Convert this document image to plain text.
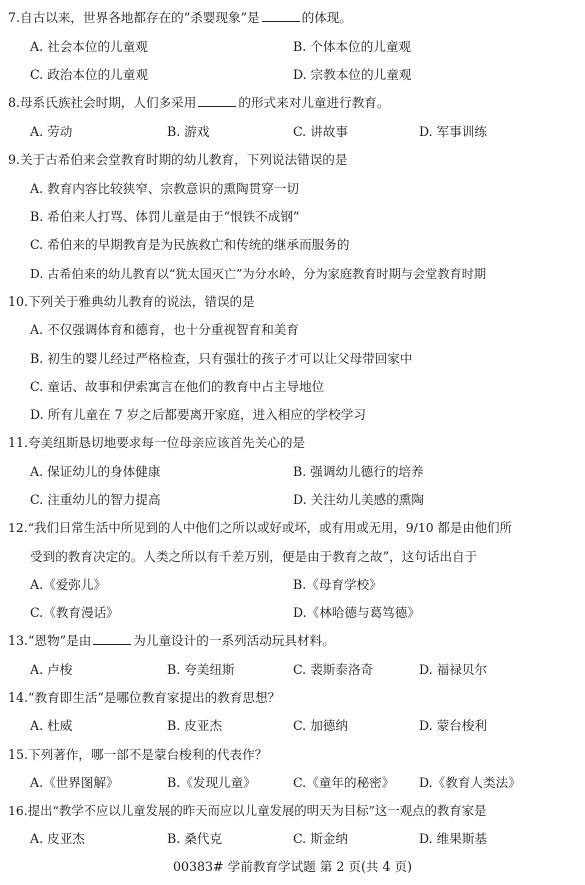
7.自古以来，世界各地都存在的“杀婴现象”是	的体现。
A. 社会本位的儿童观	B. 个体本位的儿童观
C. 政治本位的儿童观	D. 宗教本位的儿童观
8.母系氏族社会时期，人们多采用	的形式来对儿童进行教育。
A. 劳动	B. 游戏	C. 讲故事	D. 军事训练
9.关于古希伯来会堂教育时期的幼儿教育，下列说法错误的是
A. 教育内容比较狭窄、宗教意识的熏陶贯穿一切
B. 希伯来人打骂、体罚儿童是由于“恨铁不成钢”
C. 希伯来的早期教育是为民族救亡和传统的继承而服务的
D. 古希伯来的幼儿教育以“犹太国灭亡”为分水岭，分为家庭教育时期与会堂教育时期
10.下列关于雅典幼儿教育的说法，错误的是
A. 不仅强调体育和德育，也十分重视智育和美育
B. 初生的婴儿经过严格检查，只有强壮的孩子才可以让父母带回家中
C. 童话、故事和伊索寓言在他们的教育中占主导地位
D. 所有儿童在 7 岁之后都要离开家庭，进入相应的学校学习
11.夸美纽斯恳切地要求每一位母亲应该首先关心的是
A. 保证幼儿的身体健康	B. 强调幼儿德行的培养
C. 注重幼儿的智力提高	D. 关注幼儿美感的熏陶
12.“我们日常生活中所见到的人中他们之所以或好或坏，或有用或无用，9/10 都是由他们所
受到的教育决定的。人类之所以有千差万别，便是由于教育之故”，这句话出自于
A.《爱弥儿》	B.《母育学校》
C.《教育漫话》	D.《林哈德与葛笃德》
13.“恩物”是由	为儿童设计的一系列活动玩具材料。
A. 卢梭	B. 夸美纽斯	C. 裴斯泰洛奇	D. 福禄贝尔
14.“教育即生活”是哪位教育家提出的教育思想？
A. 杜威	B. 皮亚杰	C. 加德纳	D. 蒙台梭利
15.下列著作，哪一部不是蒙台梭利的代表作？
A.《世界图解》	B.《发现儿童》	C.《童年的秘密》 D.《教育人类法》
16.提出“教学不应以儿童发展的昨天而应以儿童发展的明天为目标”这一观点的教育家是
A. 皮亚杰	B. 桑代克	C. 斯金纳	D. 维果斯基
00383# 学前教育学试题 第 2 页(共 4 页)
